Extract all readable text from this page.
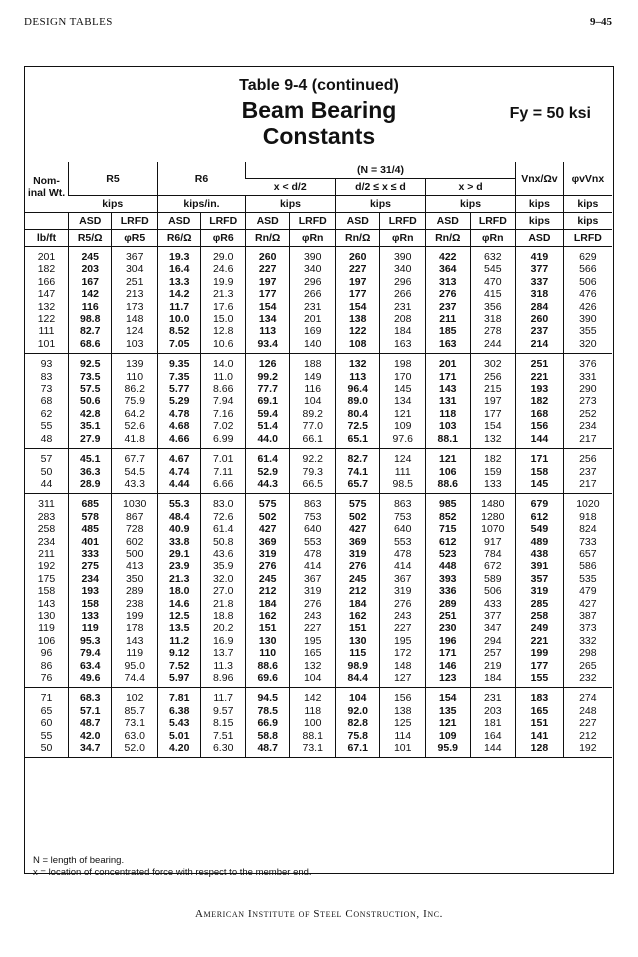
DESIGN TABLES	9–45
Table 9-4 (continued)
Beam Bearing
Constants
Fy = 50 ksi
Nom-inal Wt.	R5		R6		(N = 31/4)						Vnx/Ωv	φvVnx
					x < d/2		d/2 ≤ x ≤ d		x > d			
	kips		kips/in.		kips		kips		kips		kips	kips
	ASD	LRFD	ASD	LRFD	ASD	LRFD	ASD	LRFD	ASD	LRFD	kips	kips
lb/ft	R5/Ω	φR5	R6/Ω	φR6	Rn/Ω	φRn	Rn/Ω	φRn	Rn/Ω	φRn	ASD	LRFD
201	245	367	19.3	29.0	260	390	260	390	422	632	419	629
182	203	304	16.4	24.6	227	340	227	340	364	545	377	566
166	167	251	13.3	19.9	197	296	197	296	313	470	337	506
147	142	213	14.2	21.3	177	266	177	266	276	415	318	476
132	116	173	11.7	17.6	154	231	154	231	237	356	284	426
122	98.8	148	10.0	15.0	134	201	138	208	211	318	260	390
111	82.7	124	8.52	12.8	113	169	122	184	185	278	237	355
101	68.6	103	7.05	10.6	93.4	140	108	163	163	244	214	320
93	92.5	139	9.35	14.0	126	188	132	198	201	302	251	376
83	73.5	110	7.35	11.0	99.2	149	113	170	171	256	221	331
73	57.5	86.2	5.77	8.66	77.7	116	96.4	145	143	215	193	290
68	50.6	75.9	5.29	7.94	69.1	104	89.0	134	131	197	182	273
62	42.8	64.2	4.78	7.16	59.4	89.2	80.4	121	118	177	168	252
55	35.1	52.6	4.68	7.02	51.4	77.0	72.5	109	103	154	156	234
48	27.9	41.8	4.66	6.99	44.0	66.1	65.1	97.6	88.1	132	144	217
57	45.1	67.7	4.67	7.01	61.4	92.2	82.7	124	121	182	171	256
50	36.3	54.5	4.74	7.11	52.9	79.3	74.1	111	106	159	158	237
44	28.9	43.3	4.44	6.66	44.3	66.5	65.7	98.5	88.6	133	145	217
311	685	1030	55.3	83.0	575	863	575	863	985	1480	679	1020
283	578	867	48.4	72.6	502	753	502	753	852	1280	612	918
258	485	728	40.9	61.4	427	640	427	640	715	1070	549	824
234	401	602	33.8	50.8	369	553	369	553	612	917	489	733
211	333	500	29.1	43.6	319	478	319	478	523	784	438	657
192	275	413	23.9	35.9	276	414	276	414	448	672	391	586
175	234	350	21.3	32.0	245	367	245	367	393	589	357	535
158	193	289	18.0	27.0	212	319	212	319	336	506	319	479
143	158	238	14.6	21.8	184	276	184	276	289	433	285	427
130	133	199	12.5	18.8	162	243	162	243	251	377	258	387
119	119	178	13.5	20.2	151	227	151	227	230	347	249	373
106	95.3	143	11.2	16.9	130	195	130	195	196	294	221	332
96	79.4	119	9.12	13.7	110	165	115	172	171	257	199	298
86	63.4	95.0	7.52	11.3	88.6	132	98.9	148	146	219	177	265
76	49.6	74.4	5.97	8.96	69.6	104	84.4	127	123	184	155	232
71	68.3	102	7.81	11.7	94.5	142	104	156	154	231	183	274
65	57.1	85.7	6.38	9.57	78.5	118	92.0	138	135	203	165	248
60	48.7	73.1	5.43	8.15	66.9	100	82.8	125	121	181	151	227
55	42.0	63.0	5.01	7.51	58.8	88.1	75.8	114	109	164	141	212
50	34.7	52.0	4.20	6.30	48.7	73.1	67.1	101	95.9	144	128	192
N = length of bearing.
x = location of concentrated force with respect to the member end.
American Institute of Steel Construction, Inc.
